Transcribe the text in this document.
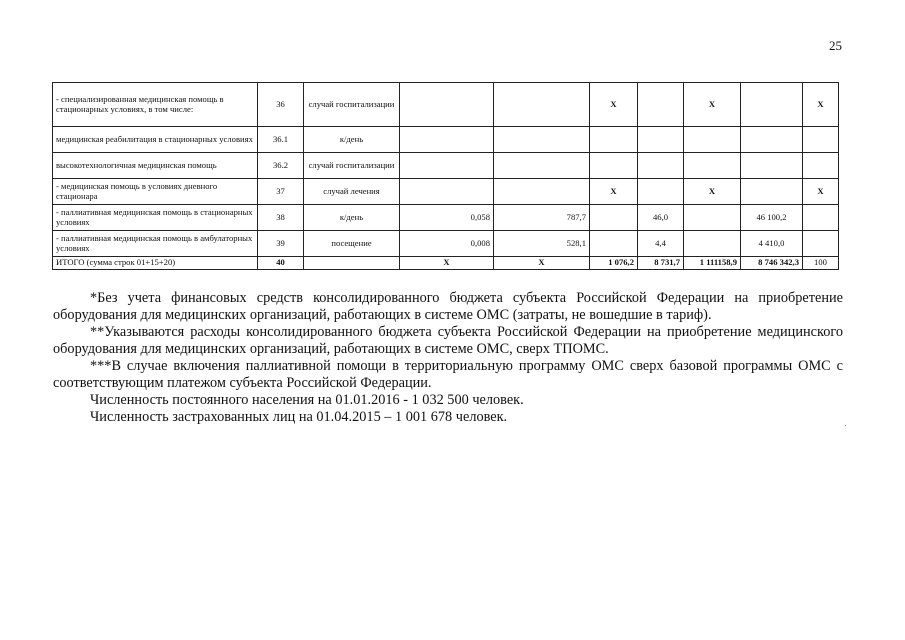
25
- специализированная медицинская помощь в стационарных условиях, в том числе:	36	случай госпитализации			X		X		X
медицинская реабилитация в стационарных условиях	36.1	к/день							
высокотехнологичная медицинская помощь	36.2	случай госпитализации							
- медицинская помощь в условиях дневного стационара	37	случай лечения			X		X		X
- паллиативная медицинская помощь в стационарных условиях	38	к/день	0,058	787,7		46,0		46 100,2	
- паллиативная медицинская помощь в амбулаторных условиях	39	посещение	0,008	528,1		4,4		4 410,0	
ИТОГО (сумма строк 01+15+20)	40		X	X	1 076,2	8 731,7	1 111158,9	8 746 342,3	100

*Без учета финансовых средств консолидированного бюджета субъекта Российской Федерации на приобретение оборудования для медицинских организаций, работающих в системе ОМС (затраты, не вошедшие в тариф).

**Указываются расходы консолидированного бюджета субъекта Российской Федерации на приобретение медицинского оборудования для медицинских организаций, работающих в системе ОМС, сверх ТПОМС.

***В случае включения паллиативной помощи в территориальную программу ОМС сверх базовой программы ОМС с соответствующим платежом субъекта Российской Федерации.

Численность постоянного населения на 01.01.2016 - 1 032 500 человек.

Численность застрахованных лиц на 01.04.2015 – 1 001 678 человек.
